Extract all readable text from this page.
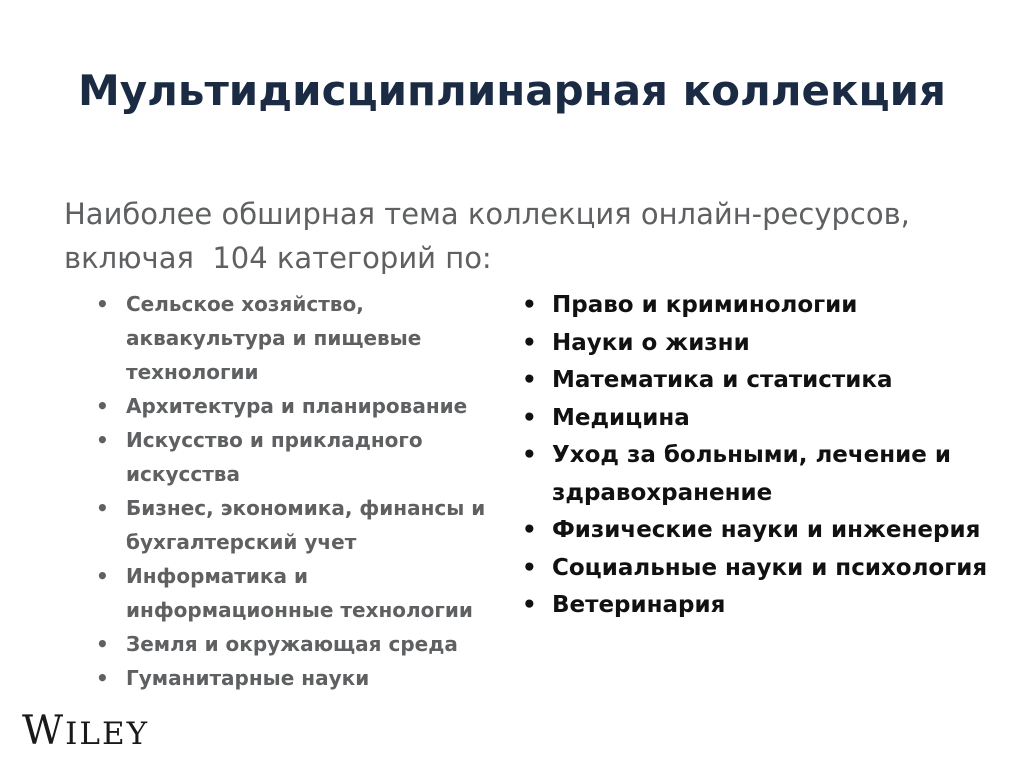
Мультидисциплинарная коллекция
Наиболее обширная тема коллекция онлайн-ресурсов,
включая  104 категорий по:
• Сельское хозяйство, аквакультура и пищевые технологии
• Архитектура и планирование
• Искусство и прикладного искусства
• Бизнес, экономика, финансы и бухгалтерский учет
• Информатика и информационные технологии
• Земля и окружающая среда
• Гуманитарные науки
• Право и криминологии
• Науки о жизни
• Математика и статистика
• Медицина
• Уход за больными, лечение и здравохранение
• Физические науки и инженерия
• Социальные науки и психология
• Ветеринария
WILEY
